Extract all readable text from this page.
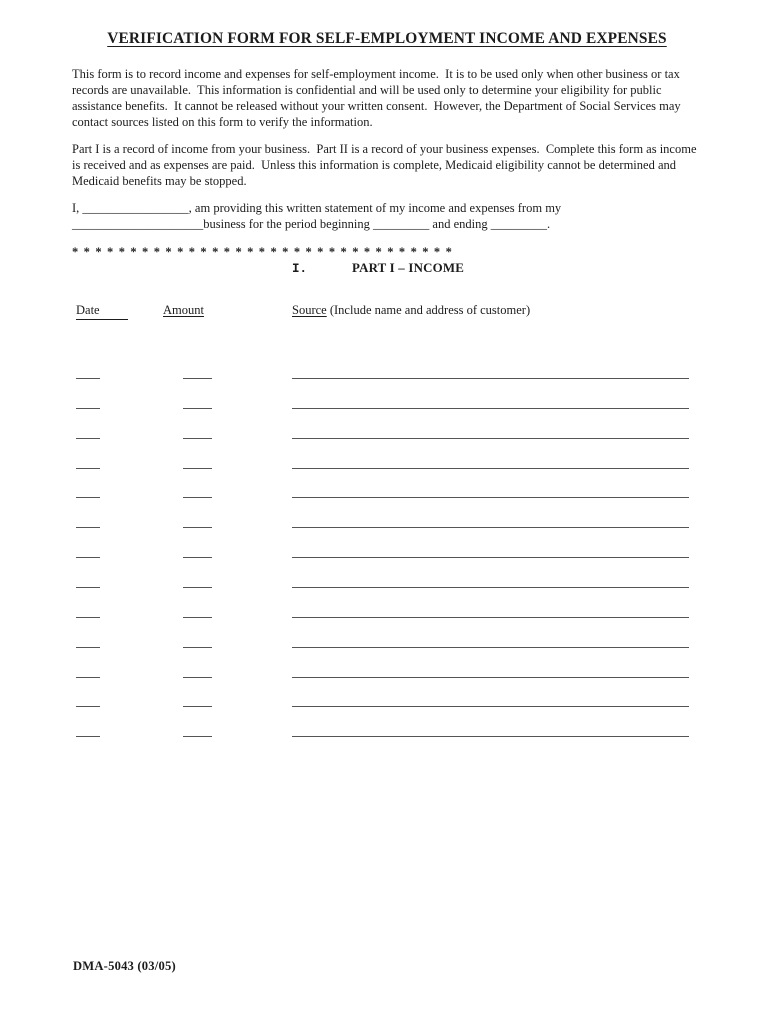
VERIFICATION FORM FOR SELF-EMPLOYMENT INCOME AND EXPENSES
This form is to record income and expenses for self-employment income.  It is to be used only when other business or tax records are unavailable.  This information is confidential and will be used only to determine your eligibility for public assistance benefits.  It cannot be released without your written consent.  However, the Department of Social Services may contact sources listed on this form to verify the information.
Part I is a record of income from your business.  Part II is a record of your business expenses.  Complete this form as income is received and as expenses are paid.  Unless this information is complete, Medicaid eligibility cannot be determined and Medicaid benefits may be stopped.
I, _________________, am providing this written statement of my income and expenses from my
_____________________business for the period beginning _________ and ending _________.
* * * * * * * * * * * * * * * * * * * * * * * * * * * * * * * * *
I.	PART I – INCOME
Date	Amount	Source (Include name and address of customer)
DMA-5043 (03/05)
